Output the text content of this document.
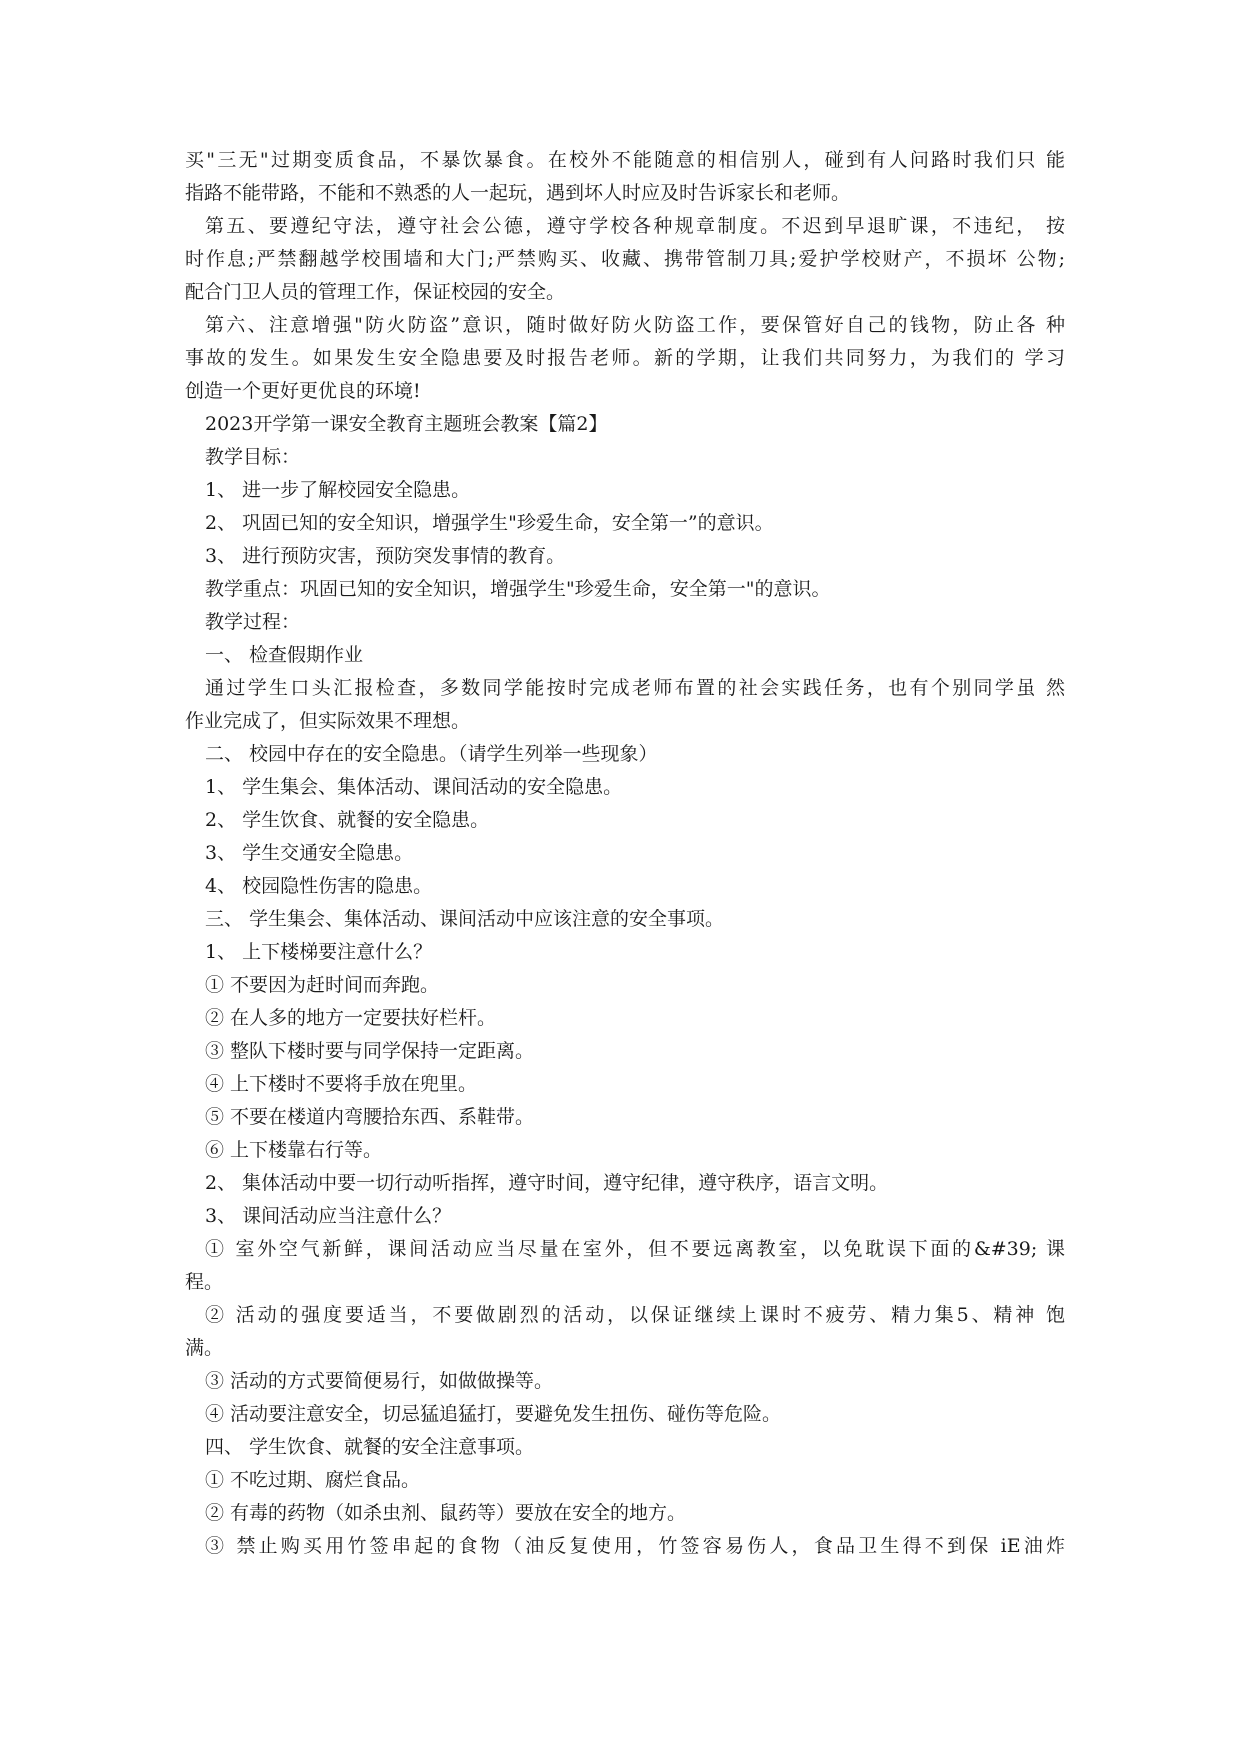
买"三无"过期变质食品，不暴饮暴食。在校外不能随意的相信别人，碰到有人问路时我们只 能

指路不能带路，不能和不熟悉的人一起玩，遇到坏人时应及时告诉家长和老师。

第五、要遵纪守法，遵守社会公德，遵守学校各种规章制度。不迟到早退旷课，不违纪， 按

时作息;严禁翻越学校围墙和大门;严禁购买、收藏、携带管制刀具;爱护学校财产，不损坏 公物;

配合门卫人员的管理工作，保证校园的安全。

第六、注意增强"防火防盗”意识，随时做好防火防盗工作，要保管好自己的钱物，防止各 种

事故的发生。如果发生安全隐患要及时报告老师。新的学期，让我们共同努力，为我们的 学习

创造一个更好更优良的环境!

2023开学第一课安全教育主题班会教案【篇2】

教学目标：

1、 进一步了解校园安全隐患。

2、 巩固已知的安全知识，增强学生"珍爱生命，安全第一”的意识。

3、 进行预防灾害，预防突发事情的教育。

教学重点：巩固已知的安全知识，增强学生"珍爱生命，安全第一"的意识。

教学过程：

一、 检查假期作业

通过学生口头汇报检查，多数同学能按时完成老师布置的社会实践任务，也有个别同学虽 然

作业完成了，但实际效果不理想。

二、 校园中存在的安全隐患。（请学生列举一些现象）

1、 学生集会、集体活动、课间活动的安全隐患。

2、 学生饮食、就餐的安全隐患。

3、 学生交通安全隐患。

4、 校园隐性伤害的隐患。

三、 学生集会、集体活动、课间活动中应该注意的安全事项。

1、 上下楼梯要注意什么？

① 不要因为赶时间而奔跑。

② 在人多的地方一定要扶好栏杆。

③ 整队下楼时要与同学保持一定距离。

④ 上下楼时不要将手放在兜里。

⑤ 不要在楼道内弯腰拾东西、系鞋带。

⑥ 上下楼靠右行等。

2、 集体活动中要一切行动听指挥，遵守时间，遵守纪律，遵守秩序，语言文明。

3、 课间活动应当注意什么？

① 室外空气新鲜，课间活动应当尽量在室外，但不要远离教室，以免耽误下面的&#39; 课

程。

② 活动的强度要适当，不要做剧烈的活动，以保证继续上课时不疲劳、精力集5、精神 饱

满。

③ 活动的方式要简便易行，如做做操等。

④ 活动要注意安全，切忌猛追猛打，要避免发生扭伤、碰伤等危险。

四、 学生饮食、就餐的安全注意事项。

① 不吃过期、腐烂食品。

② 有毒的药物（如杀虫剂、鼠药等）要放在安全的地方。

③ 禁止购买用竹签串起的食物（油反复使用，竹签容易伤人，食品卫生得不到保 iE油炸
